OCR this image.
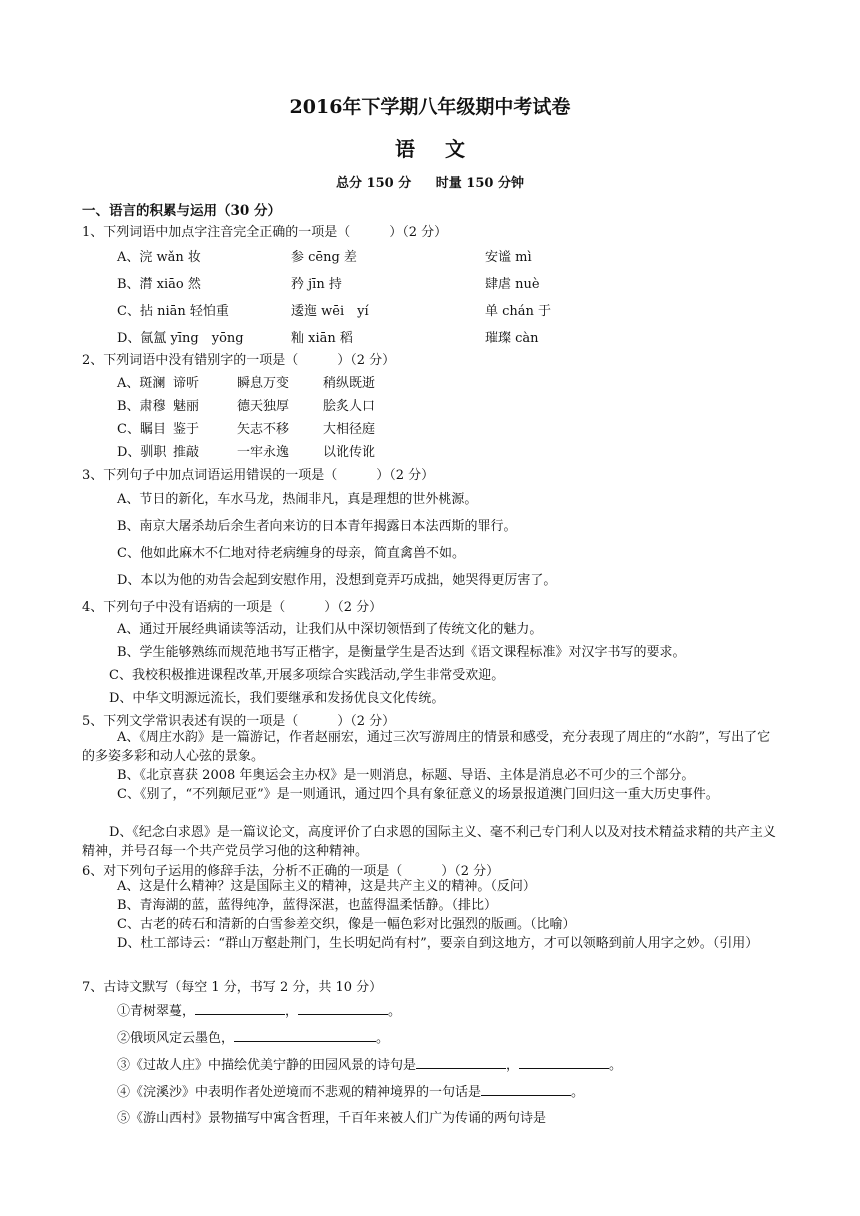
2016年下学期八年级期中考试卷
语文
总分 150 分 时量 150 分钟
一、语言的积累与运用（30 分）
1、下列词语中加点字注音完全正确的一项是（　　　）（2 分）
A、浣 wǎn 妆	参 cēng 差	安谧 mì
B、潸 xiāo 然	矜 jīn 持	肆虐 nuè
C、拈 niān 轻怕重	逶迤 wēi　yí	单 chán 于
D、氤氲 yīng　yōng	籼 xiān 稻	璀璨 càn
2、下列词语中没有错别字的一项是（　　　）（2 分）
A、斑澜 谛听	瞬息万变	稍纵既逝
B、肃穆 魅丽	德天独厚	脍炙人口
C、瞩目 鉴于	矢志不移	大相径庭
D、驯职 推敲	一牢永逸	以讹传讹
3、下列句子中加点词语运用错误的一项是（　　　）（2 分）
A、节日的新化，车水马龙，热闹非凡，真是理想的世外桃源。
B、南京大屠杀劫后余生者向来访的日本青年揭露日本法西斯的罪行。
C、他如此麻木不仁地对待老病缠身的母亲，简直禽兽不如。
D、本以为他的劝告会起到安慰作用，没想到竟弄巧成拙，她哭得更厉害了。
4、下列句子中没有语病的一项是（　　　）（2 分）
A、通过开展经典诵读等活动，让我们从中深切领悟到了传统文化的魅力。
B、学生能够熟练而规范地书写正楷字，是衡量学生是否达到《语文课程标准》对汉字书写的要求。
C、我校积极推进课程改革,开展多项综合实践活动,学生非常受欢迎。
D、中华文明源远流长，我们要继承和发扬优良文化传统。
5、下列文学常识表述有误的一项是（　　　）（2 分）
A、《周庄水韵》是一篇游记，作者赵丽宏，通过三次写游周庄的情景和感受，充分表现了周庄的“水韵”，写出了它的多姿多彩和动人心弦的景象。
B、《北京喜获 2008 年奥运会主办权》是一则消息，标题、导语、主体是消息必不可少的三个部分。
C、《别了，“不列颠尼亚”》是一则通讯，通过四个具有象征意义的场景报道澳门回归这一重大历史事件。
D、《纪念白求恩》是一篇议论文，高度评价了白求恩的国际主义、毫不利己专门利人以及对技术精益求精的共产主义精神，并号召每一个共产党员学习他的这种精神。
6、对下列句子运用的修辞手法，分析不正确的一项是（　　　）（2 分）
A、这是什么精神？这是国际主义的精神，这是共产主义的精神。（反问）
B、青海湖的蓝，蓝得纯净，蓝得深湛，也蓝得温柔恬静。（排比）
C、古老的砖石和清新的白雪参差交织，像是一幅色彩对比强烈的版画。（比喻）
D、杜工部诗云：“群山万壑赴荆门，生长明妃尚有村”，要亲自到这地方，才可以领略到前人用字之妙。（引用）
7、古诗文默写（每空 1 分，书写 2 分，共 10 分）
①青树翠蔓，	，	。
②俄顷风定云墨色，	。
③《过故人庄》中描绘优美宁静的田园风景的诗句是	，	。
④《浣溪沙》中表明作者处逆境而不悲观的精神境界的一句话是	。
⑤《游山西村》景物描写中寓含哲理，千百年来被人们广为传诵的两句诗是
